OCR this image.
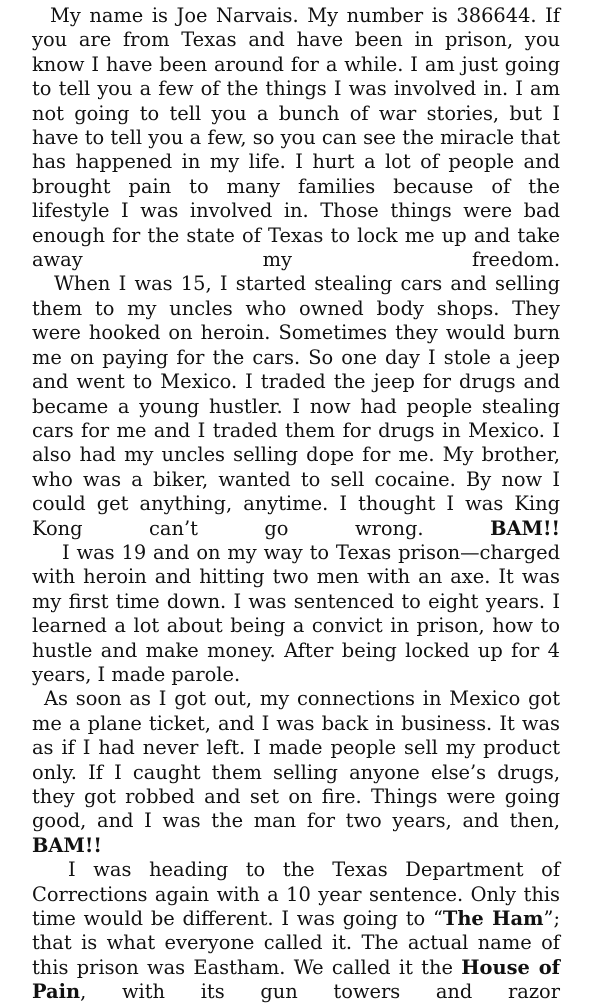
My name is Joe Narvais. My number is 386644. If you are from Texas and have been in prison, you know I have been around for a while. I am just going to tell you a few of the things I was involved in. I am not going to tell you a bunch of war stories, but I have to tell you a few, so you can see the miracle that has happened in my life. I hurt a lot of people and brought pain to many families because of the lifestyle I was involved in. Those things were bad enough for the state of Texas to lock me up and take away my freedom.

When I was 15, I started stealing cars and selling them to my uncles who owned body shops. They were hooked on heroin. Sometimes they would burn me on paying for the cars. So one day I stole a jeep and went to Mexico. I traded the jeep for drugs and became a young hustler. I now had people stealing cars for me and I traded them for drugs in Mexico. I also had my uncles selling dope for me. My brother, who was a biker, wanted to sell cocaine. By now I could get anything, anytime. I thought I was King Kong can’t go wrong. BAM!!

I was 19 and on my way to Texas prison—charged with heroin and hitting two men with an axe. It was my first time down. I was sentenced to eight years. I learned a lot about being a convict in prison, how to hustle and make money. After being locked up for 4 years, I made parole.

As soon as I got out, my connections in Mexico got me a plane ticket, and I was back in business. It was as if I had never left. I made people sell my product only. If I caught them selling anyone else’s drugs, they got robbed and set on fire. Things were going good, and I was the man for two years, and then, BAM!!

I was heading to the Texas Department of Corrections again with a 10 year sentence. Only this time would be different. I was going to “The Ham”; that is what everyone called it. The actual name of this prison was Eastham. We called it the House of Pain, with its gun towers and razor
